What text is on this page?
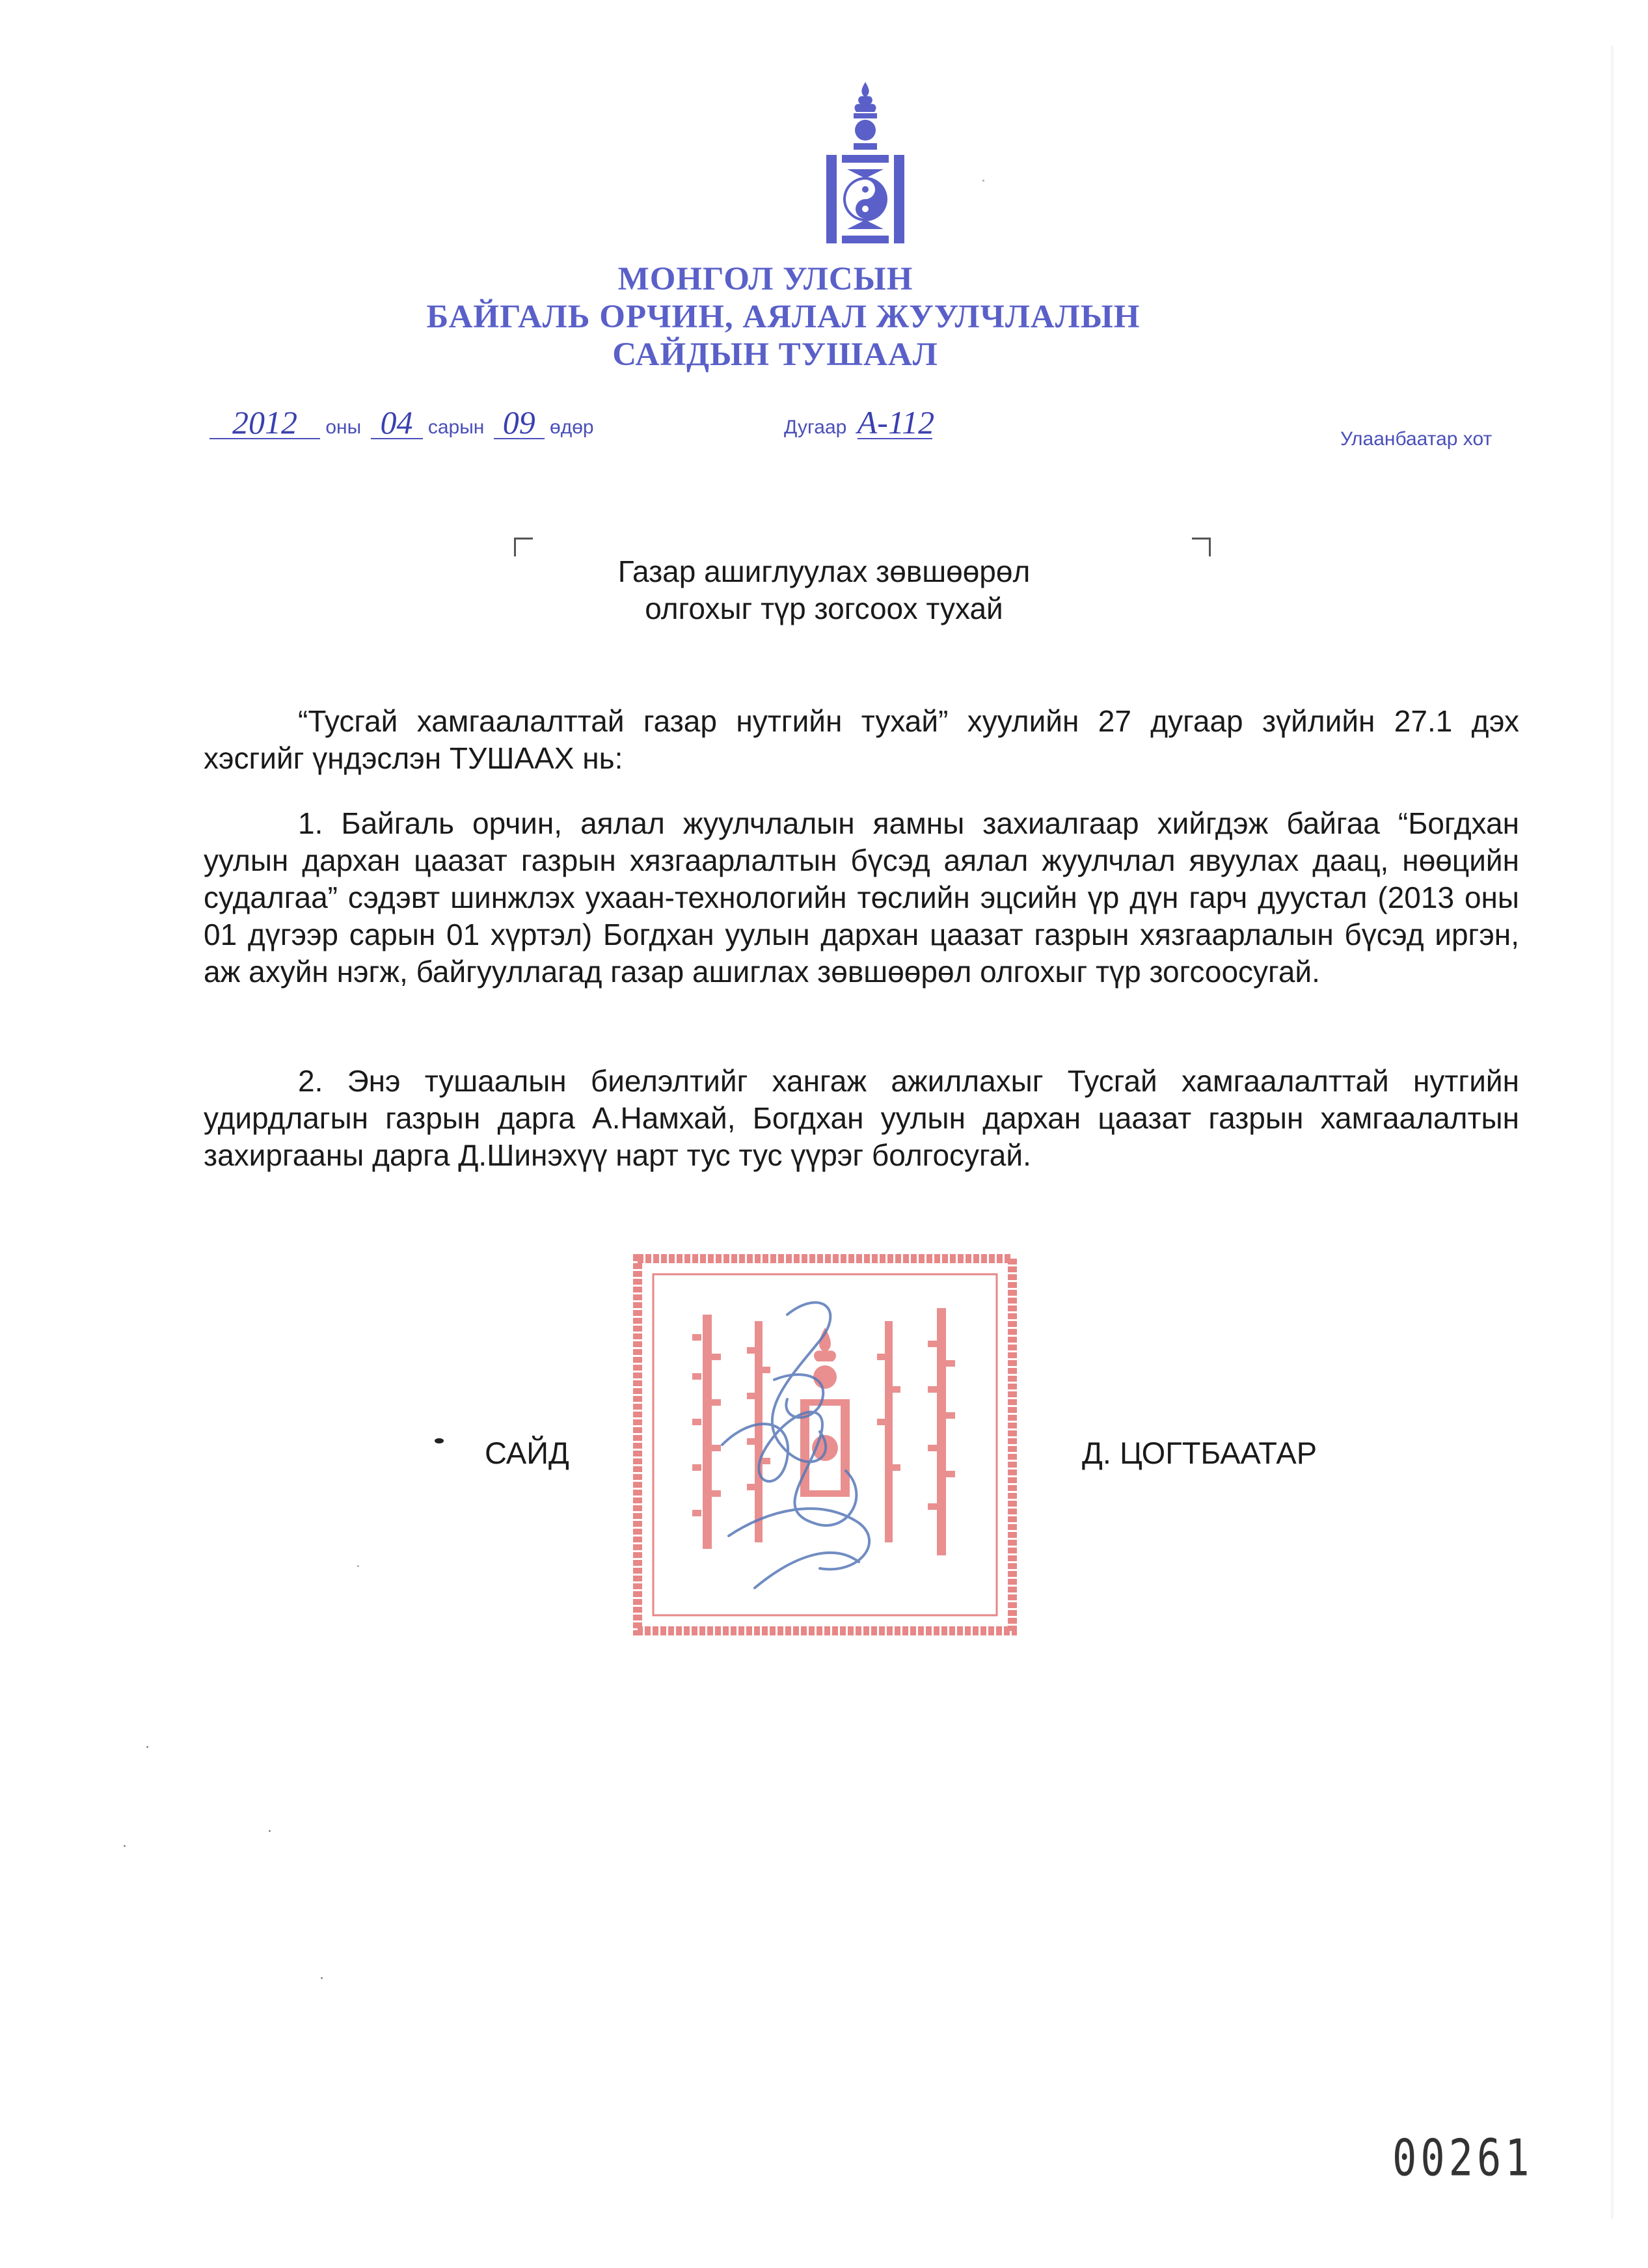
МОНГОЛ УЛСЫН
БАЙГАЛЬ ОРЧИН, АЯЛАЛ ЖУУЛЧЛАЛЫН
САЙДЫН ТУШААЛ
2012 оны 04 сарын 09 өдөр	Дугаар А-112	Улаанбаатар хот
Газар ашиглуулах зөвшөөрөл
олгохыг түр зогсоох тухай
“Тусгай хамгаалалттай газар нутгийн тухай” хуулийн 27 дугаар зүйлийн 27.1 дэх хэсгийг үндэслэн ТУШААХ нь:
1. Байгаль орчин, аялал жуулчлалын яамны захиалгаар хийгдэж байгаа “Богдхан уулын дархан цаазат газрын хязгаарлалтын бүсэд аялал жуулчлал явуулах даац, нөөцийн судалгаа” сэдэвт шинжлэх ухаан-технологийн төслийн эцсийн үр дүн гарч дуустал (2013 оны 01 дүгээр сарын 01 хүртэл) Богдхан уулын дархан цаазат газрын хязгаарлалын бүсэд иргэн, аж ахуйн нэгж, байгууллагад газар ашиглах зөвшөөрөл олгохыг түр зогсоосугай.
2. Энэ тушаалын биелэлтийг хангаж ажиллахыг Тусгай хамгаалалттай нутгийн удирдлагын газрын дарга А.Намхай, Богдхан уулын дархан цаазат газрын хамгаалалтын захиргааны дарга Д.Шинэхүү нарт тус тус үүрэг болгосугай.
САЙД	Д. ЦОГТБААТАР
00261
